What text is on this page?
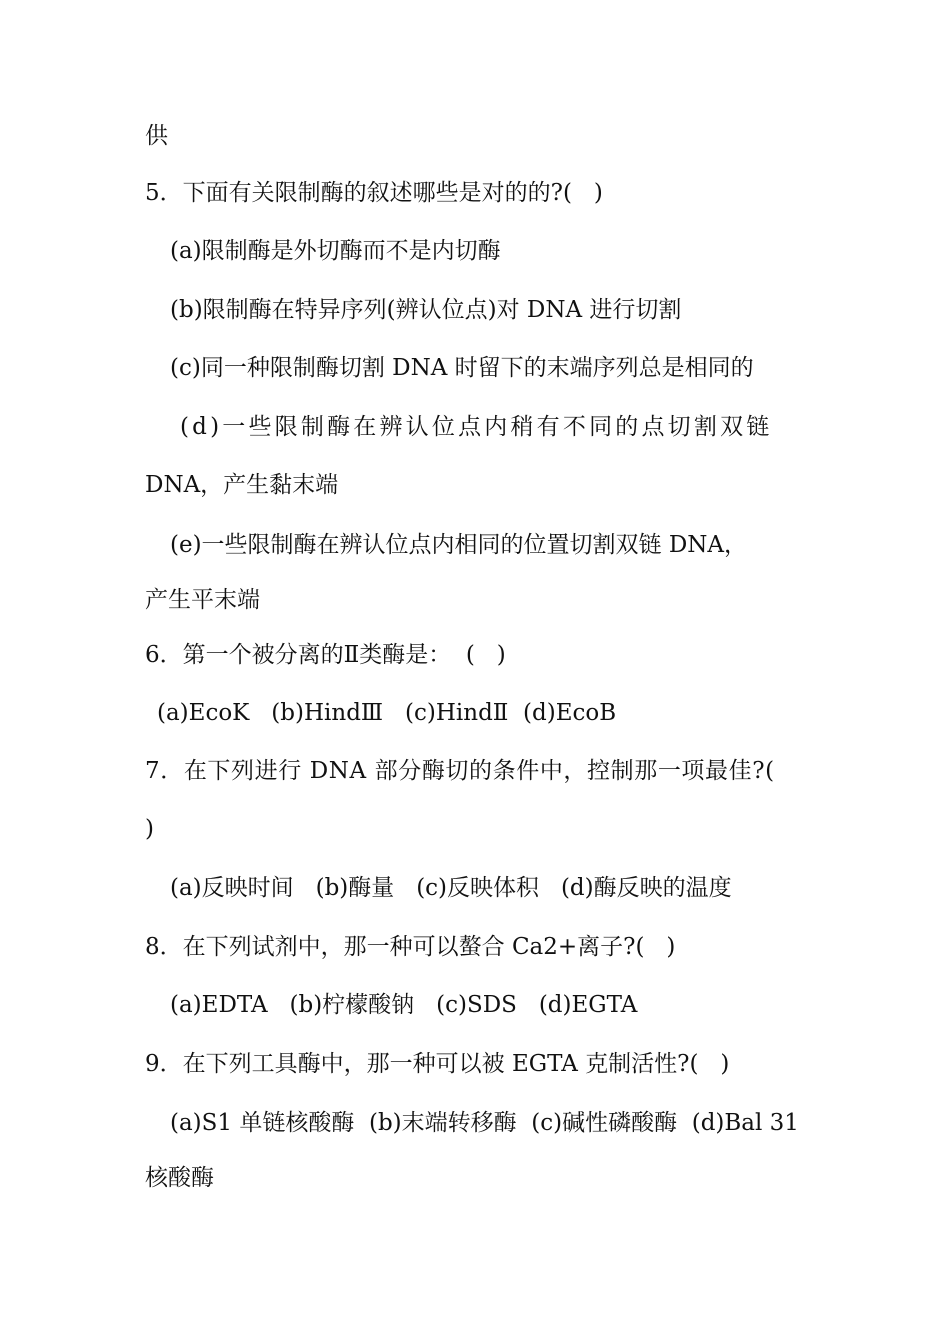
供
5．下面有关限制酶的叙述哪些是对的的?(   )
(a)限制酶是外切酶而不是内切酶
(b)限制酶在特异序列(辨认位点)对 DNA 进行切割
(c)同一种限制酶切割 DNA 时留下的末端序列总是相同的
(d)一些限制酶在辨认位点内稍有不同的点切割双链
DNA，产生黏末端
(e)一些限制酶在辨认位点内相同的位置切割双链 DNA，
产生平末端
6．第一个被分离的Ⅱ类酶是：  (   )
(a)EcoK   (b)HindⅢ   (c)HindⅡ  (d)EcoB
7．在下列进行 DNA 部分酶切的条件中，控制那一项最佳?(
)
(a)反映时间   (b)酶量   (c)反映体积   (d)酶反映的温度
8．在下列试剂中，那一种可以螯合 Ca2+离子?(   )
(a)EDTA   (b)柠檬酸钠   (c)SDS   (d)EGTA
9．在下列工具酶中，那一种可以被 EGTA 克制活性?(   )
(a)S1 单链核酸酶  (b)末端转移酶  (c)碱性磷酸酶  (d)Bal 31
核酸酶
